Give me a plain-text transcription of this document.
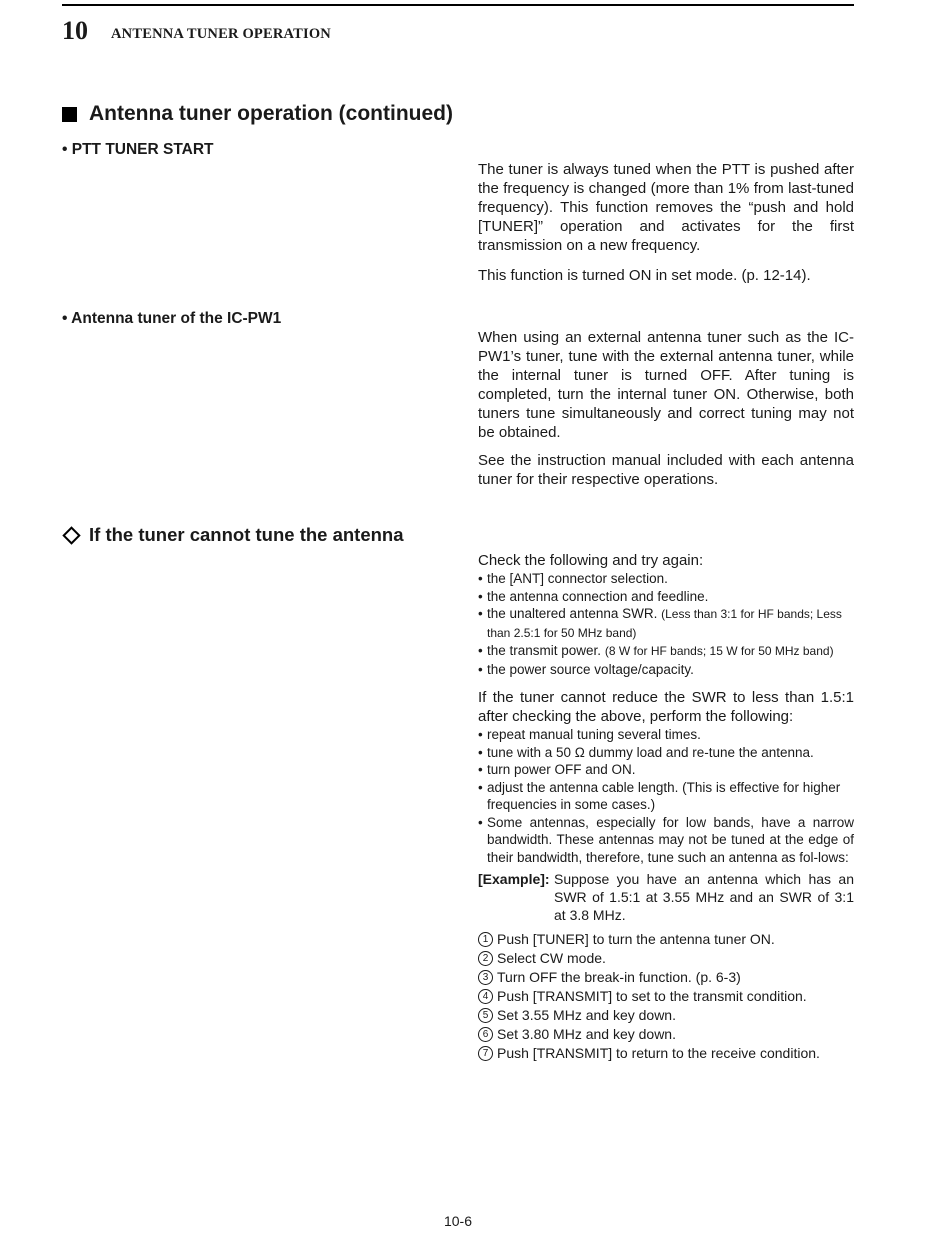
10 ANTENNA TUNER OPERATION
Antenna tuner operation (continued)
• PTT TUNER START

The tuner is always tuned when the PTT is pushed after the frequency is changed (more than 1% from last-tuned frequency). This function removes the “push and hold [TUNER]” operation and activates for the first transmission on a new frequency.

This function is turned ON in set mode. (p. 12-14).

• Antenna tuner of the IC-PW1

When using an external antenna tuner such as the IC-PW1’s tuner, tune with the external antenna tuner, while the internal tuner is turned OFF. After tuning is completed, turn the internal tuner ON. Otherwise, both tuners tune simultaneously and correct tuning may not be obtained.

See the instruction manual included with each antenna tuner for their respective operations.

If the tuner cannot tune the antenna

Check the following and try again:

• the [ANT] connector selection.
• the antenna connection and feedline.
• the unaltered antenna SWR. (Less than 3:1 for HF bands; Less than 2.5:1 for 50 MHz band)
• the transmit power. (8 W for HF bands; 15 W for 50 MHz band)
• the power source voltage/capacity.

If the tuner cannot reduce the SWR to less than 1.5:1 after checking the above, perform the following:

• repeat manual tuning several times.
• tune with a 50 Ω dummy load and re-tune the antenna.
• turn power OFF and ON.
• adjust the antenna cable length. (This is effective for higher frequencies in some cases.)
• Some antennas, especially for low bands, have a narrow bandwidth. These antennas may not be tuned at the edge of their bandwidth, therefore, tune such an antenna as fol-lows:
[Example]: Suppose you have an antenna which has an SWR of 1.5:1 at 3.55 MHz and an SWR of 3:1 at 3.8 MHz.
1 Push [TUNER] to turn the antenna tuner ON.
2 Select CW mode.
3 Turn OFF the break-in function. (p. 6-3)
4 Push [TRANSMIT] to set to the transmit condition.
5 Set 3.55 MHz and key down.
6 Set 3.80 MHz and key down.
7 Push [TRANSMIT] to return to the receive condition.
10-6
